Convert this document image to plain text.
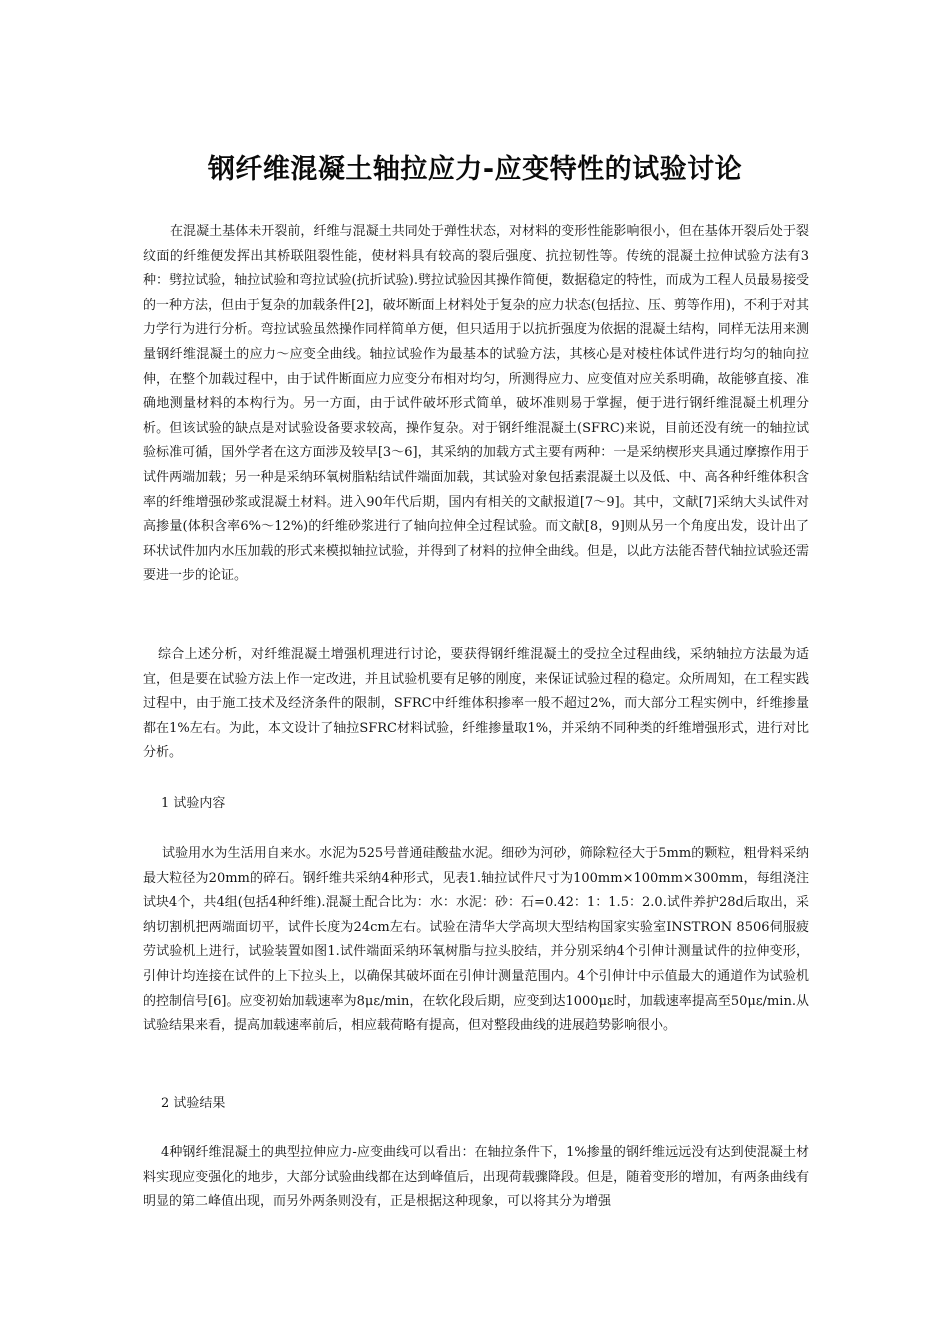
钢纤维混凝土轴拉应力-应变特性的试验讨论

在混凝土基体未开裂前，纤维与混凝土共同处于弹性状态，对材料的变形性能影响很小，但在基体开裂后处于裂纹面的纤维便发挥出其桥联阻裂性能，使材料具有较高的裂后强度、抗拉韧性等。传统的混凝土拉伸试验方法有3种：劈拉试验，轴拉试验和弯拉试验(抗折试验).劈拉试验因其操作简便，数据稳定的特性，而成为工程人员最易接受的一种方法，但由于复杂的加载条件[2]，破坏断面上材料处于复杂的应力状态(包括拉、压、剪等作用)，不利于对其力学行为进行分析。弯拉试验虽然操作同样简单方便，但只适用于以抗折强度为依据的混凝土结构，同样无法用来测量钢纤维混凝土的应力～应变全曲线。轴拉试验作为最基本的试验方法，其核心是对棱柱体试件进行均匀的轴向拉伸，在整个加载过程中，由于试件断面应力应变分布相对均匀，所测得应力、应变值对应关系明确，故能够直接、准确地测量材料的本构行为。另一方面，由于试件破坏形式简单，破坏准则易于掌握，便于进行钢纤维混凝土机理分析。但该试验的缺点是对试验设备要求较高，操作复杂。对于钢纤维混凝土(SFRC)来说，目前还没有统一的轴拉试验标准可循，国外学者在这方面涉及较早[3～6]，其采纳的加载方式主要有两种：一是采纳楔形夹具通过摩擦作用于试件两端加载；另一种是采纳环氧树脂粘结试件端面加载，其试验对象包括素混凝土以及低、中、高各种纤维体积含率的纤维增强砂浆或混凝土材料。进入90年代后期，国内有相关的文献报道[7～9]。其中，文献[7]采纳大头试件对高掺量(体积含率6%～12%)的纤维砂浆进行了轴向拉伸全过程试验。而文献[8，9]则从另一个角度出发，设计出了环状试件加内水压加载的形式来模拟轴拉试验，并得到了材料的拉伸全曲线。但是，以此方法能否替代轴拉试验还需要进一步的论证。

综合上述分析，对纤维混凝土增强机理进行讨论，要获得钢纤维混凝土的受拉全过程曲线，采纳轴拉方法最为适宜，但是要在试验方法上作一定改进，并且试验机要有足够的刚度，来保证试验过程的稳定。众所周知，在工程实践过程中，由于施工技术及经济条件的限制，SFRC中纤维体积掺率一般不超过2%，而大部分工程实例中，纤维掺量都在1%左右。为此，本文设计了轴拉SFRC材料试验，纤维掺量取1%，并采纳不同种类的纤维增强形式，进行对比分析。

1 试验内容

试验用水为生活用自来水。水泥为525号普通硅酸盐水泥。细砂为河砂，筛除粒径大于5mm的颗粒，粗骨料采纳最大粒径为20mm的碎石。钢纤维共采纳4种形式，见表1.轴拉试件尺寸为100mm×100mm×300mm，每组浇注试块4个，共4组(包括4种纤维).混凝土配合比为：水：水泥：砂：石=0.42：1：1.5：2.0.试件养护28d后取出，采纳切割机把两端面切平，试件长度为24cm左右。试验在清华大学高坝大型结构国家实验室INSTRON 8506伺服疲劳试验机上进行，试验装置如图1.试件端面采纳环氧树脂与拉头胶结，并分别采纳4个引伸计测量试件的拉伸变形，引伸计均连接在试件的上下拉头上，以确保其破坏面在引伸计测量范围内。4个引伸计中示值最大的通道作为试验机的控制信号[6]。应变初始加载速率为8με/min，在软化段后期，应变到达1000με时，加载速率提高至50με/min.从试验结果来看，提高加载速率前后，相应载荷略有提高，但对整段曲线的进展趋势影响很小。

2 试验结果

4种钢纤维混凝土的典型拉伸应力-应变曲线可以看出：在轴拉条件下，1%掺量的钢纤维远远没有达到使混凝土材料实现应变强化的地步，大部分试验曲线都在达到峰值后，出现荷载骤降段。但是，随着变形的增加，有两条曲线有明显的第二峰值出现，而另外两条则没有，正是根据这种现象，可以将其分为增强
